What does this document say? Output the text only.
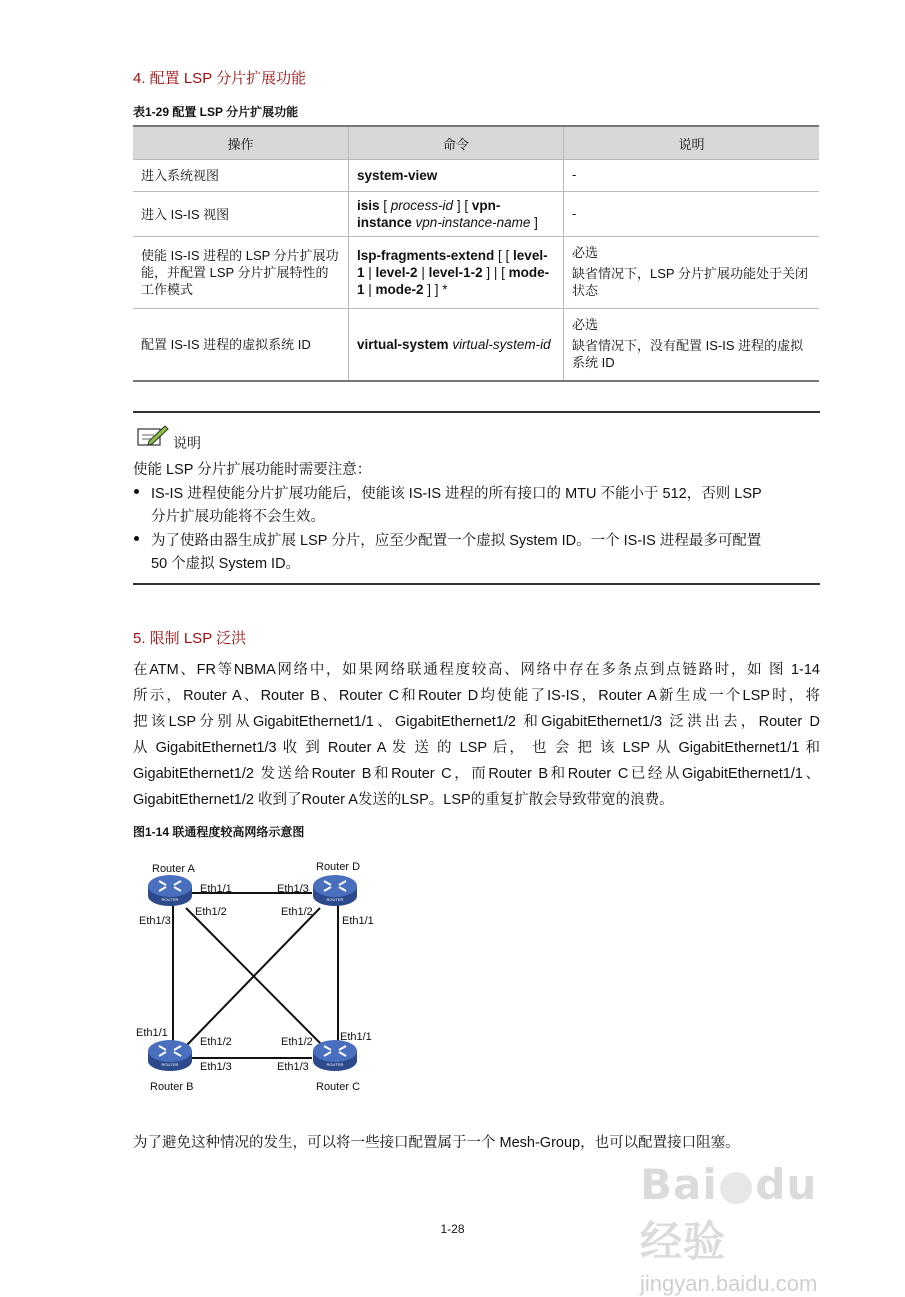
4. 配置 LSP 分片扩展功能
表1-29 配置 LSP 分片扩展功能
操作	命令	说明
进入系统视图	system-view	-

进入 IS-IS 视图	isis [ process-id ] [ vpn-instance vpn-instance-name ]	-

使能 IS-IS 进程的 LSP 分片扩展功能，并配置 LSP 分片扩展特性的工作模式	lsp-fragments-extend [ [ level-1 | level-2 | level-1-2 ] | [ mode-1 | mode-2 ] ] *	必选

缺省情况下，LSP 分片扩展功能处于关闭状态

配置 IS-IS 进程的虚拟系统 ID	virtual-system virtual-system-id	必选

缺省情况下，没有配置 IS-IS 进程的虚拟系统 ID

说明
使能 LSP 分片扩展功能时需要注意：
IS-IS 进程使能分片扩展功能后，使能该 IS-IS 进程的所有接口的 MTU 不能小于 512，否则 LSP
分片扩展功能将不会生效。
为了使路由器生成扩展 LSP 分片，应至少配置一个虚拟 System ID。一个 IS-IS 进程最多可配置
50 个虚拟 System ID。
5. 限制 LSP 泛洪
在ATM、FR等NBMA网络中，如果网络联通程度较高、网络中存在多条点到点链路时，如 图 1-14
所示，Router A、Router B、Router C和Router D均使能了IS-IS，Router A新生成一个LSP时，将
把该LSP分别从GigabitEthernet1/1、GigabitEthernet1/2 和GigabitEthernet1/3 泛洪出去，Router D
从 GigabitEthernet1/3 收 到 Router A 发 送 的 LSP 后， 也 会 把 该 LSP 从 GigabitEthernet1/1 和
GigabitEthernet1/2 发送给Router B和Router C，而Router B和Router C已经从GigabitEthernet1/1、
GigabitEthernet1/2 收到了Router A发送的LSP。LSP的重复扩散会导致带宽的浪费。
图1-14 联通程度较高网络示意图
ROUTER	ROUTER
ROUTER	ROUTER
Router A	Router D
Router B	Router C
Eth1/1
Eth1/2
Eth1/3
Eth1/3
Eth1/2
Eth1/1
Eth1/1
Eth1/2
Eth1/3
Eth1/2 Eth1/1
Eth1/3
为了避免这种情况的发生，可以将一些接口配置属于一个 Mesh-Group，也可以配置接口阻塞。
1-28
Bai●du 经验
jingyan.baidu.com
